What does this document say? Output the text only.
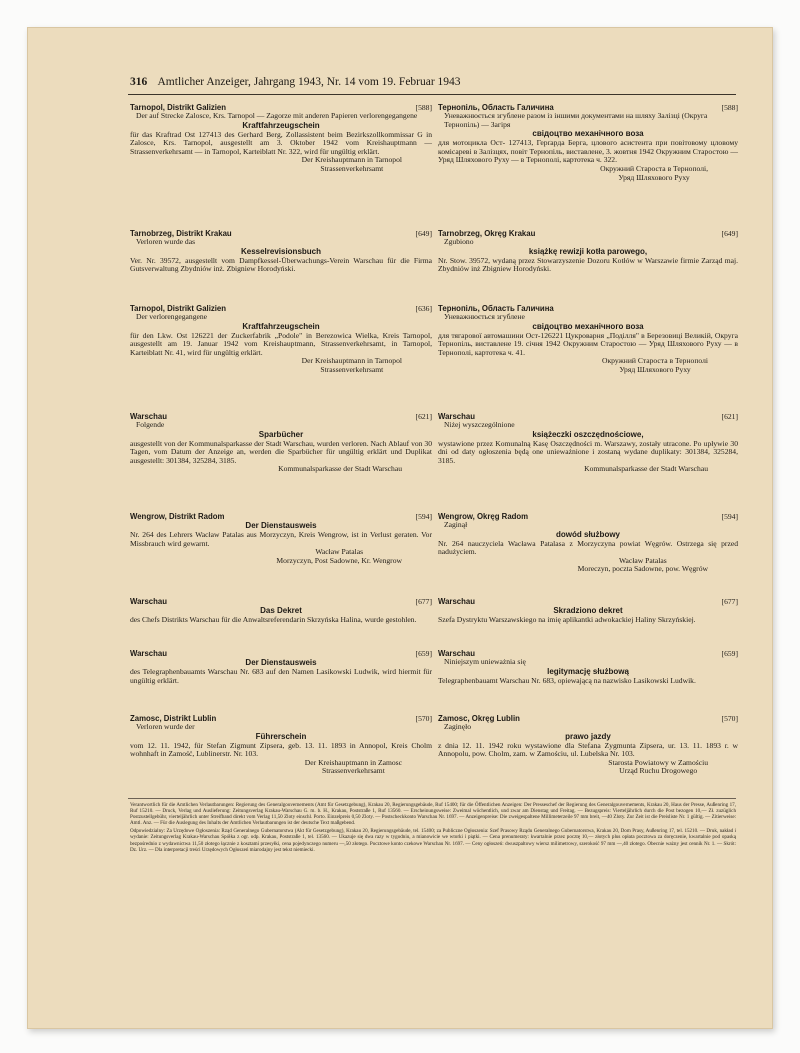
316 Amtlicher Anzeiger, Jahrgang 1943, Nr. 14 vom 19. Februar 1943
Tarnopol, Distrikt Galizien	[588]
Der auf Strecke Zalosce, Krs. Tarnopol — Zagorze mit anderen Papieren verlorengegangene
Kraftfahrzeugschein
für das Kraftrad Ost 127413 des Gerhard Berg, Zollassistent beim Bezirkszollkommissar G in Zalosce, Krs. Tarnopol, ausgestellt am 3. Oktober 1942 vom Kreishauptmann — Strassenverkehrsamt — in Tarnopol, Karteiblatt Nr. 322, wird für ungültig erklärt.
Der Kreishauptmann in Tarnopol
Strassenverkehrsamt
Tarnobrzeg, Distrikt Krakau	[649]
Verloren wurde das
Kesselrevisionsbuch
Ver. Nr. 39572, ausgestellt vom Dampfkessel-Überwachungs-Verein Warschau für die Firma Gutsverwaltung Zbydniów inż. Zbigniew Horodyński.
Tarnopol, Distrikt Galizien	[636]
Der verlorengegangene
Kraftfahrzeugschein
für den Lkw. Ost 126221 der Zuckerfabrik „Podole" in Berezowica Wielka, Kreis Tarnopol, ausgestellt am 19. Januar 1942 vom Kreishauptmann, Strassenverkehrsamt, in Tarnopol, Karteiblatt Nr. 41, wird für ungültig erklärt.
Der Kreishauptmann in Tarnopol
Strassenverkehrsamt
Warschau	[621]
Folgende
Sparbücher
ausgestellt von der Kommunalsparkasse der Stadt Warschau, wurden verloren. Nach Ablauf von 30 Tagen, vom Datum der Anzeige an, werden die Sparbücher für ungültig erklärt und Duplikat ausgestellt: 301384, 325284, 3185.
Kommunalsparkasse der Stadt Warschau

Wengrow, Distrikt Radom	[594]
Der Dienstausweis
Nr. 264 des Lehrers Wacław Patalas aus Morzyczyn, Kreis Wengrow, ist in Verlust geraten. Vor Missbrauch wird gewarnt.
Wacław Patalas
Morzyczyn, Post Sadowne, Kr. Wengrow
Warschau	[677]
Das Dekret
des Chefs Distrikts Warschau für die Anwaltsreferendarin Skrzyńska Halina, wurde gestohlen.
Warschau	[659]
Der Dienstausweis
des Telegraphenbauamts Warschau Nr. 683 auf den Namen Lasikowski Ludwik, wird hiermit für ungültig erklärt.
Zamosc, Distrikt Lublin	[570]
Verloren wurde der
Führerschein
vom 12. 11. 1942, für Stefan Zigmunt Zipsera, geb. 13. 11. 1893 in Annopol, Kreis Cholm wohnhaft in Zamość, Lublinerstr. Nr. 103.
Der Kreishauptmann in Zamosc
Strassenverkehrsamt
Тернопіль, Область Галичина	[588]
Уневажнюється згублене разом із іншими документами на шляху Залізці (Округа Тернопіль) — Загіря
свідоцтво механічного воза
для мотоцикла Ост- 127413, Герґарда Берга, цлового асистента при повітовому цловому комісареві в Залізцях, повіт Тернопіль, виставлене, 3. жовтня 1942 Окружним Старостою — Уряд Шляхового Руху — в Тернополі, картотека ч. 322.
Окружний Староста в Тернополі,
Уряд Шляхового Руху
Tarnobrzeg, Okręg Krakau	[649]
Zgubiono
książkę rewizji kotła parowego,
Nr. Stow. 39572, wydaną przez Stowarzyszenie Dozoru Kotłów w Warszawie firmie Zarząd maj. Zbydniów inż Zbigniew Horodyński.
Тернопіль, Область Галичина
Уневажнюється згублене
свідоцтво механічного воза
для тягарової автомашини Ост-126221 Цукроварня „Поділля" в Березовиці Великій, Округа Тернопіль, виставлене 19. січня 1942 Окружним Старостою — Уряд Шляхового Руху — в Тернополі, картотека ч. 41.
Окружний Староста в Тернополі
Уряд Шляхового Руху
Warschau	[621]
Niżej wyszczególnione
książeczki oszczędnościowe,
wystawione przez Komunalną Kasę Oszczędności m. Warszawy, zostały utracone. Po upływie 30 dni od daty ogłoszenia będą one unieważnione i zostaną wydane duplikaty: 301384, 325284, 3185.
Kommunalsparkasse der Stadt Warschau

Wengrow, Okręg Radom	[594]
Zaginął
dowód służbowy
Nr. 264 nauczyciela Wacława Patalasa z Morzyczyna powiat Węgrów. Ostrzega się przed nadużyciem.
Wacław Patalas
Moreczyn, poczta Sadowne, pow. Węgrów
Warschau	[677]
Skradziono dekret
Szefa Dystryktu Warszawskiego na imię aplikantki adwokackiej Haliny Skrzyńskiej.
Warschau	[659]
Niniejszym unieważnia się
legitymację służbową
Telegraphenbauamt Warschau Nr. 683, opiewającą na nazwisko Lasikowski Ludwik.
Zamosc, Okręg Lublin	[570]
Zaginęło
prawo jazdy
z dnia 12. 11. 1942 roku wystawione dla Stefana Zygmunta Zipsera, ur. 13. 11. 1893 r. w Annopolu, pow. Cholm, zam. w Zamościu, ul. Lubelska Nr. 103.
Starosta Powiatowy w Zamościu
Urząd Ruchu Drogowego

Verantwortlich für die Amtlichen Verlautbarungen: Regierung des Generalgouvernements (Amt für Gesetzgebung), Krakau 20, Regierungsgebäude, Ruf 15400; für die Öffentlichen Anzeigen: Der Presseschef der Regierung des Generalgouvernements, Krakau 20, Haus der Presse, Außenring 17, Ruf 15210. — Druck, Verlag und Auslieferung: Zeitungsverlag Krakau-Warschau G. m. b. H., Krakau, Poststraße 1, Ruf 13560. — Erscheinungsweise: Zweimal wöchentlich, und zwar am Dienstag und Freitag. — Bezugspreis: Vierteljährlich durch die Post bezogen 10,— Zł. zuzüglich Postzustellgebühr, vierteljährlich unter Streifband direkt vom Verlag 11,50 Zloty einschl. Porto. Einzelpreis 0,50 Zloty. — Postscheckkonto Warschau Nr. 1697. — Anzeigenpreise: Die zweigespaltene Millimeterzeile 97 mm breit, —40 Zloty. Zur Zeit ist die Preisliste Nr. 1 gültig. — Zitierweise: Amtl. Anz. — Für die Auslegung des Inhalts der Amtlichen Verlautbarungen ist der deutsche Text maßgebend.

Odpowiedzialny: Za Urzędowe Ogłoszenia: Rząd Generalnego Gubernatorstwa (Akt für Gesetzgebung), Krakau 20, Regierungsgebäude, tel. 15400; za Publiczne Ogłoszenia: Szef Prasowy Rządu Generalnego Gubernatorstwa, Krakau 20, Dom Prasy, Außenring 17, tel. 15210. — Druk, nakład i wydanie: Zeitungsverlag Krakau-Warschau Spółka z ogr. odp. Krakau, Poststraße 1, tel. 13560. — Ukazuje się dwa razy w tygodniu, a mianowicie we wtorki i piątki. — Cena prenumeraty: kwartalnie przez pocztę 10,— złotych plus opłata pocztowa za doręczenie, kwartalnie pod opaską bezpośrednio z wydawnictwa 11,50 złotego łącznie z kosztami przesyłki, cena pojedynczego numeru —,50 złotego. Pocztowe konto czekowe Warschau Nr. 1697. — Ceny ogłoszeń: dwuszpaltowy wiersz milimetrowy, szerokość 97 mm —,40 złotego. Obecnie ważny jest cennik Nr. 1. — Skrót: Dz. Urz. — Dla interpretacji treści Urzędowych Ogłoszeń miarodajny jest tekst niemiecki.
